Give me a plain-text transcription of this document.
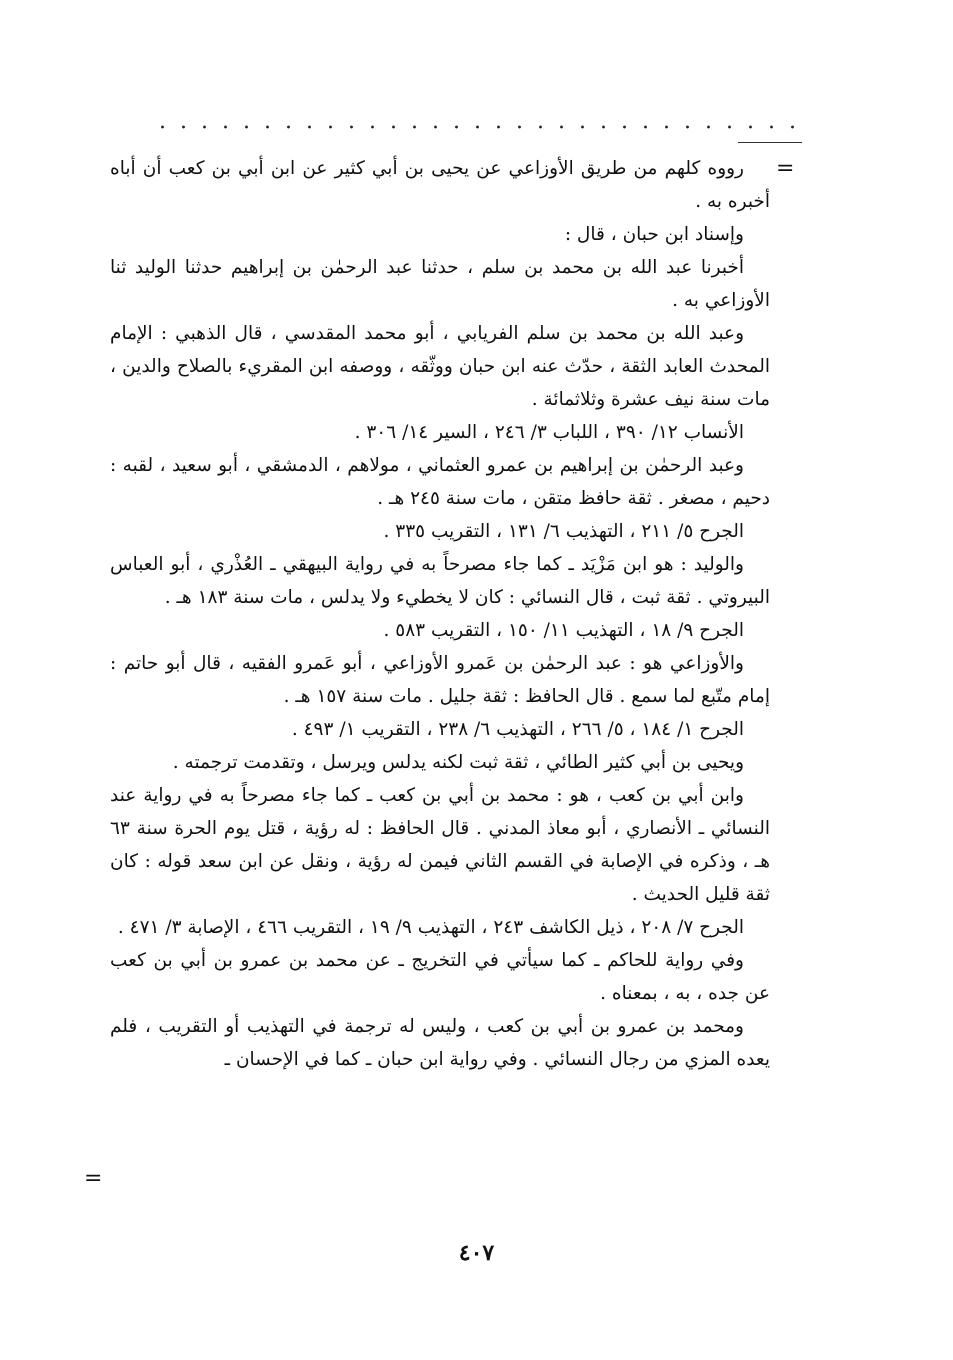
=

رووه كلهم من طريق الأوزاعي عن يحيى بن أبي كثير عن ابن أبي بن كعب أن أباه أخبره به .

وإسناد ابن حبان ، قال :

أخبرنا عبد الله بن محمد بن سلم ، حدثنا عبد الرحمٰن بن إبراهيم حدثنا الوليد ثنا الأوزاعي به .

وعبد الله بن محمد بن سلم الفريابي ، أبو محمد المقدسي ، قال الذهبي : الإمام المحدث العابد الثقة ، حدّث عنه ابن حبان ووثّقه ، ووصفه ابن المقريء بالصلاح والدين ، مات سنة نيف عشرة وثلاثمائة .

الأنساب ١٢/ ٣٩٠ ، اللباب ٣/ ٢٤٦ ، السير ١٤/ ٣٠٦ .

وعبد الرحمٰن بن إبراهيم بن عمرو العثماني ، مولاهم ، الدمشقي ، أبو سعيد ، لقبه : دحيم ، مصغر . ثقة حافظ متقن ، مات سنة ٢٤٥ هـ .

الجرح ٥/ ٢١١ ، التهذيب ٦/ ١٣١ ، التقريب ٣٣٥ .

والوليد : هو ابن مَزْيَد ـ كما جاء مصرحاً به في رواية البيهقي ـ العُذْري ، أبو العباس البيروتي . ثقة ثبت ، قال النسائي : كان لا يخطيء ولا يدلس ، مات سنة ١٨٣ هـ .

الجرح ٩/ ١٨ ، التهذيب ١١/ ١٥٠ ، التقريب ٥٨٣ .

والأوزاعي هو : عبد الرحمٰن بن عَمرو الأوزاعي ، أبو عَمرو الفقيه ، قال أبو حاتم : إمام متّبع لما سمع . قال الحافظ : ثقة جليل . مات سنة ١٥٧ هـ .

الجرح ١/ ١٨٤ ، ٥/ ٢٦٦ ، التهذيب ٦/ ٢٣٨ ، التقريب ١/ ٤٩٣ .

ويحيى بن أبي كثير الطائي ، ثقة ثبت لكنه يدلس ويرسل ، وتقدمت ترجمته .

وابن أبي بن كعب ، هو : محمد بن أبي بن كعب ـ كما جاء مصرحاً به في رواية عند النسائي ـ الأنصاري ، أبو معاذ المدني . قال الحافظ : له رؤية ، قتل يوم الحرة سنة ٦٣ هـ ، وذكره في الإصابة في القسم الثاني فيمن له رؤية ، ونقل عن ابن سعد قوله : كان ثقة قليل الحديث .

الجرح ٧/ ٢٠٨ ، ذيل الكاشف ٢٤٣ ، التهذيب ٩/ ١٩ ، التقريب ٤٦٦ ، الإصابة ٣/ ٤٧١ .

وفي رواية للحاكم ـ كما سيأتي في التخريج ـ عن محمد بن عمرو بن أبي بن كعب عن جده ، به ، بمعناه .

ومحمد بن عمرو بن أبي بن كعب ، وليس له ترجمة في التهذيب أو التقريب ، فلم يعده المزي من رجال النسائي . وفي رواية ابن حبان ـ كما في الإحسان ـ

=
٤٠٧
